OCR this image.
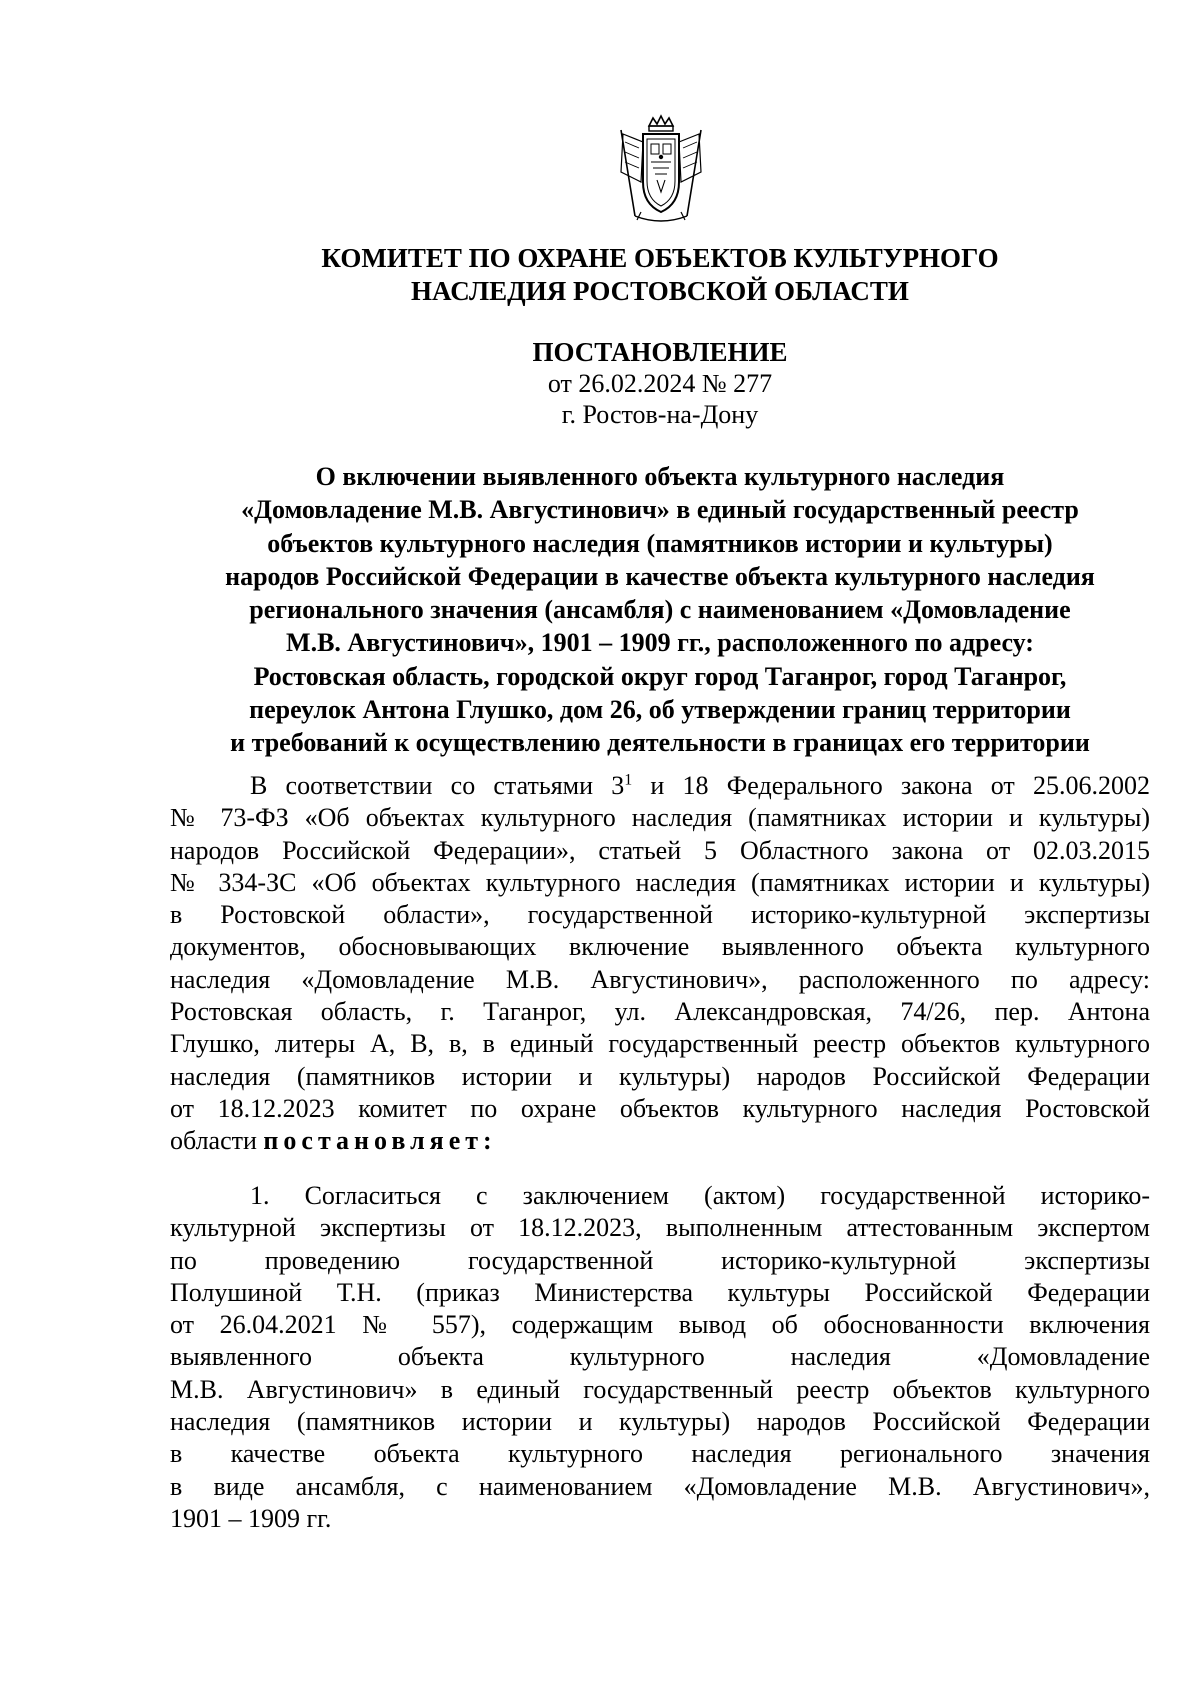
КОМИТЕТ ПО ОХРАНЕ ОБЪЕКТОВ КУЛЬТУРНОГО
НАСЛЕДИЯ РОСТОВСКОЙ ОБЛАСТИ
ПОСТАНОВЛЕНИЕ
от 26.02.2024 № 277
г. Ростов-на-Дону
О включении выявленного объекта культурного наследия
«Домовладение М.В. Августинович» в единый государственный реестр
объектов культурного наследия (памятников истории и культуры)
народов Российской Федерации в качестве объекта культурного наследия
регионального значения (ансамбля) с наименованием «Домовладение
М.В. Августинович», 1901 – 1909 гг., расположенного по адресу:
Ростовская область, городской округ город Таганрог, город Таганрог,
переулок Антона Глушко, дом 26, об утверждении границ территории
и требований к осуществлению деятельности в границах его территории
В соответствии со статьями $3^1$ и 18 Федерального закона от 25.06.2002
№ 73-ФЗ «Об объектах культурного наследия (памятниках истории и культуры)
народов Российской Федерации», статьей 5 Областного закона от 02.03.2015
№ 334-ЗС «Об объектах культурного наследия (памятниках истории и культуры)
в Ростовской области», государственной историко-культурной экспертизы
документов, обосновывающих включение выявленного объекта культурного
наследия «Домовладение М.В. Августинович», расположенного по адресу:
Ростовская область, г. Таганрог, ул. Александровская, 74/26, пер. Антона
Глушко, литеры А, В, в, в единый государственный реестр объектов культурного
наследия (памятников истории и культуры) народов Российской Федерации
от 18.12.2023 комитет по охране объектов культурного наследия Ростовской
области постановляет:
1. Согласиться с заключением (актом) государственной историко-
культурной экспертизы от 18.12.2023, выполненным аттестованным экспертом
по проведению государственной историко-культурной экспертизы
Полушиной Т.Н. (приказ Министерства культуры Российской Федерации
от 26.04.2021 № 557), содержащим вывод об обоснованности включения
выявленного объекта культурного наследия «Домовладение
М.В. Августинович» в единый государственный реестр объектов культурного
наследия (памятников истории и культуры) народов Российской Федерации
в качестве объекта культурного наследия регионального значения
в виде ансамбля, с наименованием «Домовладение М.В. Августинович»,
1901 – 1909 гг.
